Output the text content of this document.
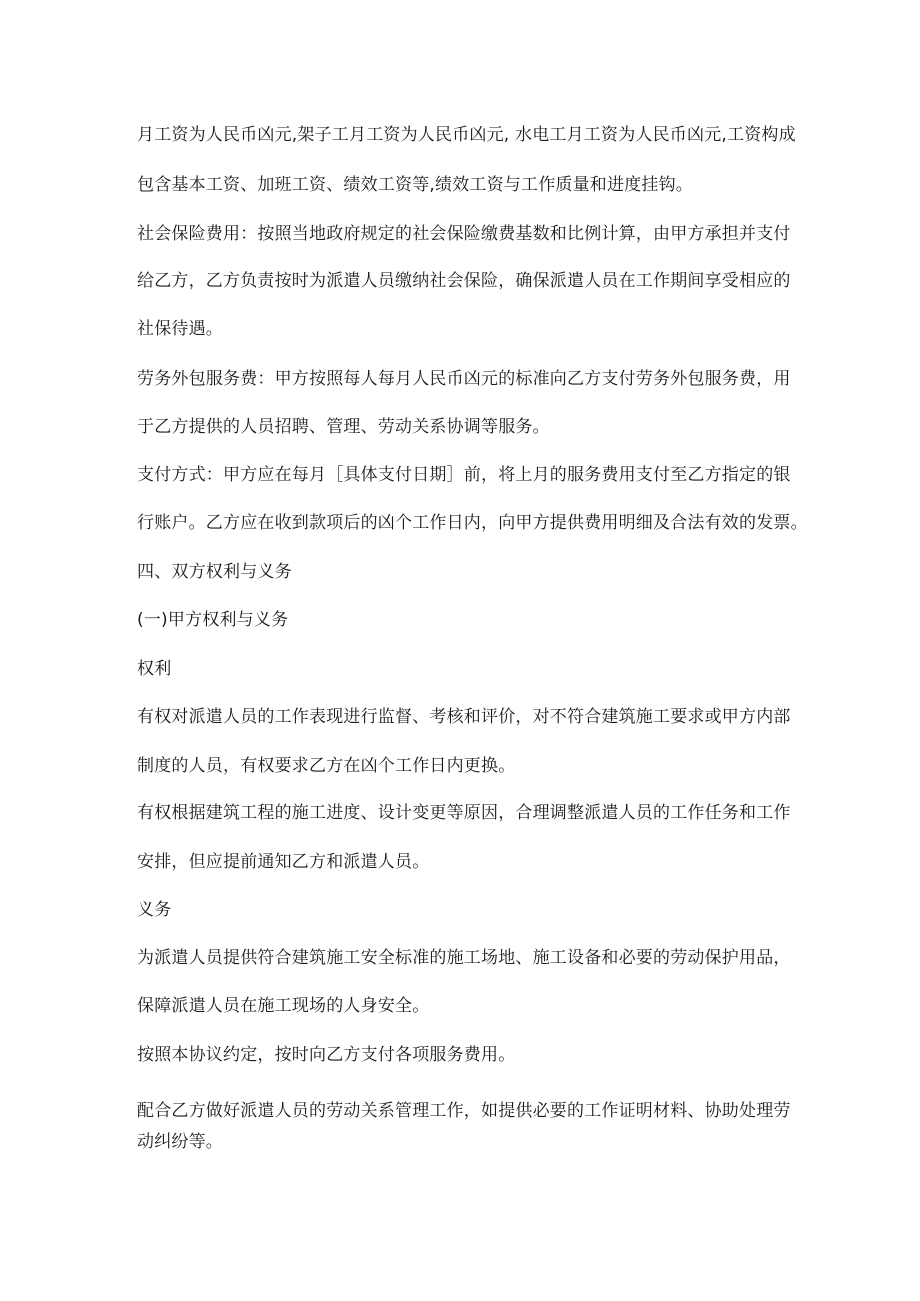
月工资为人民币凶元,架子工月工资为人民币凶元, 水电工月工资为人民币凶元,工资构成
包含基本工资、加班工资、绩效工资等,绩效工资与工作质量和进度挂钩。
社会保险费用：按照当地政府规定的社会保险缴费基数和比例计算，由甲方承担并支付
给乙方，乙方负责按时为派遣人员缴纳社会保险，确保派遣人员在工作期间享受相应的
社保待遇。
劳务外包服务费：甲方按照每人每月人民币凶元的标准向乙方支付劳务外包服务费，用
于乙方提供的人员招聘、管理、劳动关系协调等服务。
支付方式：甲方应在每月［具体支付日期］前，将上月的服务费用支付至乙方指定的银
行账户。乙方应在收到款项后的凶个工作日内，向甲方提供费用明细及合法有效的发票。
四、双方权利与义务
(一)甲方权利与义务
权利
有权对派遣人员的工作表现进行监督、考核和评价，对不符合建筑施工要求或甲方内部
制度的人员，有权要求乙方在凶个工作日内更换。
有权根据建筑工程的施工进度、设计变更等原因，合理调整派遣人员的工作任务和工作
安排，但应提前通知乙方和派遣人员。
义务
为派遣人员提供符合建筑施工安全标准的施工场地、施工设备和必要的劳动保护用品，
保障派遣人员在施工现场的人身安全。
按照本协议约定，按时向乙方支付各项服务费用。
配合乙方做好派遣人员的劳动关系管理工作，如提供必要的工作证明材料、协助处理劳
动纠纷等。
